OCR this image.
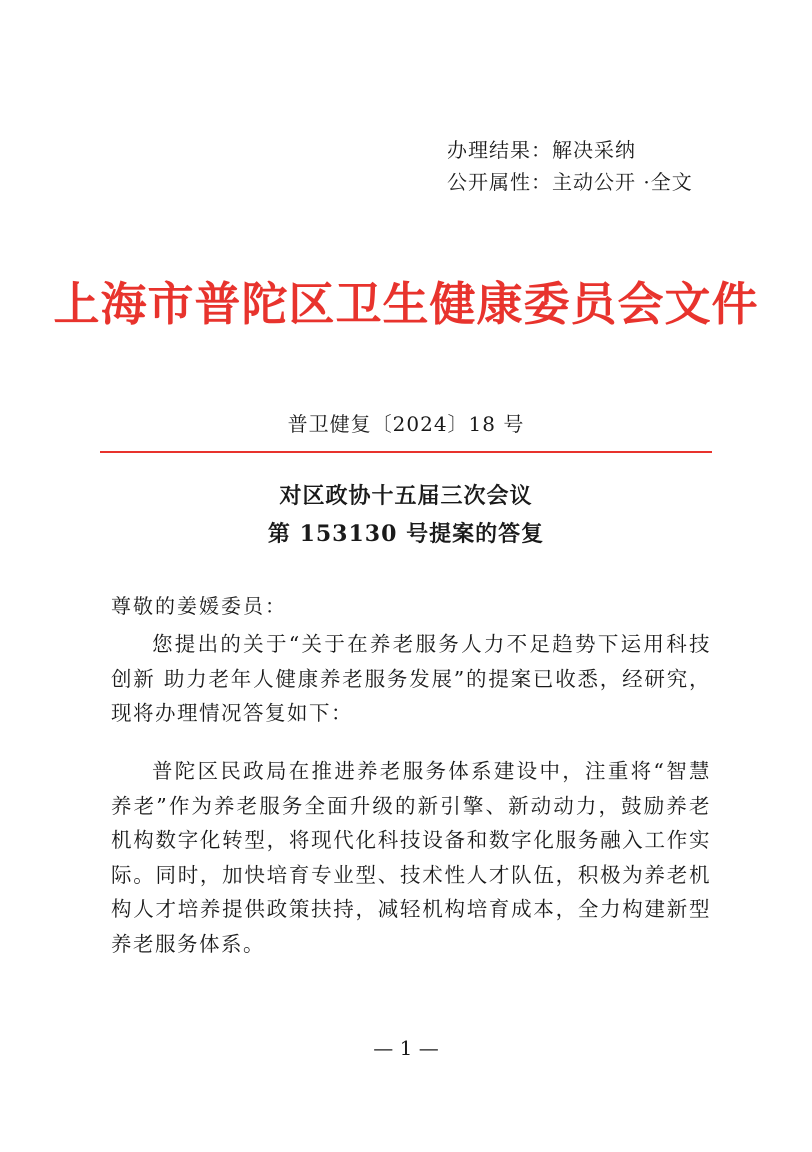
办理结果：解决采纳
公开属性：主动公开 ·全文
上海市普陀区卫生健康委员会文件
普卫健复〔2024〕18 号
对区政协十五届三次会议
第 153130 号提案的答复
尊敬的姜媛委员：

您提出的关于“关于在养老服务人力不足趋势下运用科技创新 助力老年人健康养老服务发展”的提案已收悉，经研究，现将办理情况答复如下：

普陀区民政局在推进养老服务体系建设中，注重将“智慧养老”作为养老服务全面升级的新引擎、新动动力，鼓励养老机构数字化转型，将现代化科技设备和数字化服务融入工作实际。同时，加快培育专业型、技术性人才队伍，积极为养老机构人才培养提供政策扶持，减轻机构培育成本，全力构建新型养老服务体系。

— 1 —
